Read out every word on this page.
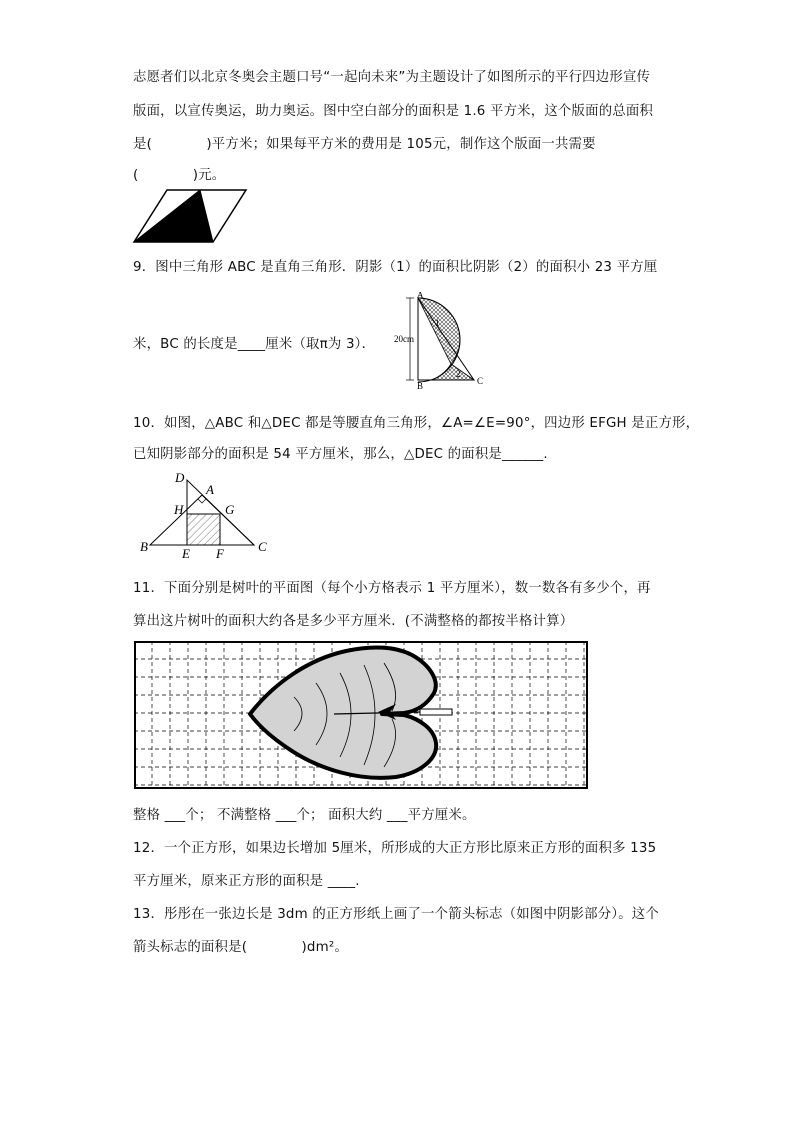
志愿者们以北京冬奥会主题口号“一起向未来”为主题设计了如图所示的平行四边形宣传
版面，以宣传奥运，助力奥运。图中空白部分的面积是 1.6 平方米，这个版面的总面积
是(　　　　)平方米；如果每平方米的费用是 105元，制作这个版面一共需要
(　　　　)元。
9．图中三角形 ABC 是直角三角形．阴影（1）的面积比阴影（2）的面积小 23 平方厘
米，BC 的长度是____厘米（取π为 3）． 20cm
A
B	C
1
2
10．如图，△ABC 和△DEC 都是等腰直角三角形，∠A=∠E=90°，四边形 EFGH 是正方形，
已知阴影部分的面积是 54 平方厘米，那么，△DEC 的面积是______.
D
A
H	G
B	E F	C
11．下面分别是树叶的平面图（每个小方格表示 1 平方厘米），数一数各有多少个，再
算出这片树叶的面积大约各是多少平方厘米．(不满整格的都按半格计算）
整格 ___个； 不满整格 ___个； 面积大约 ___平方厘米。
12．一个正方形，如果边长增加 5厘米，所形成的大正方形比原来正方形的面积多 135
平方厘米，原来正方形的面积是 ____.
13．彤彤在一张边长是 3dm 的正方形纸上画了一个箭头标志（如图中阴影部分）。这个
箭头标志的面积是(　　　　)dm²。
